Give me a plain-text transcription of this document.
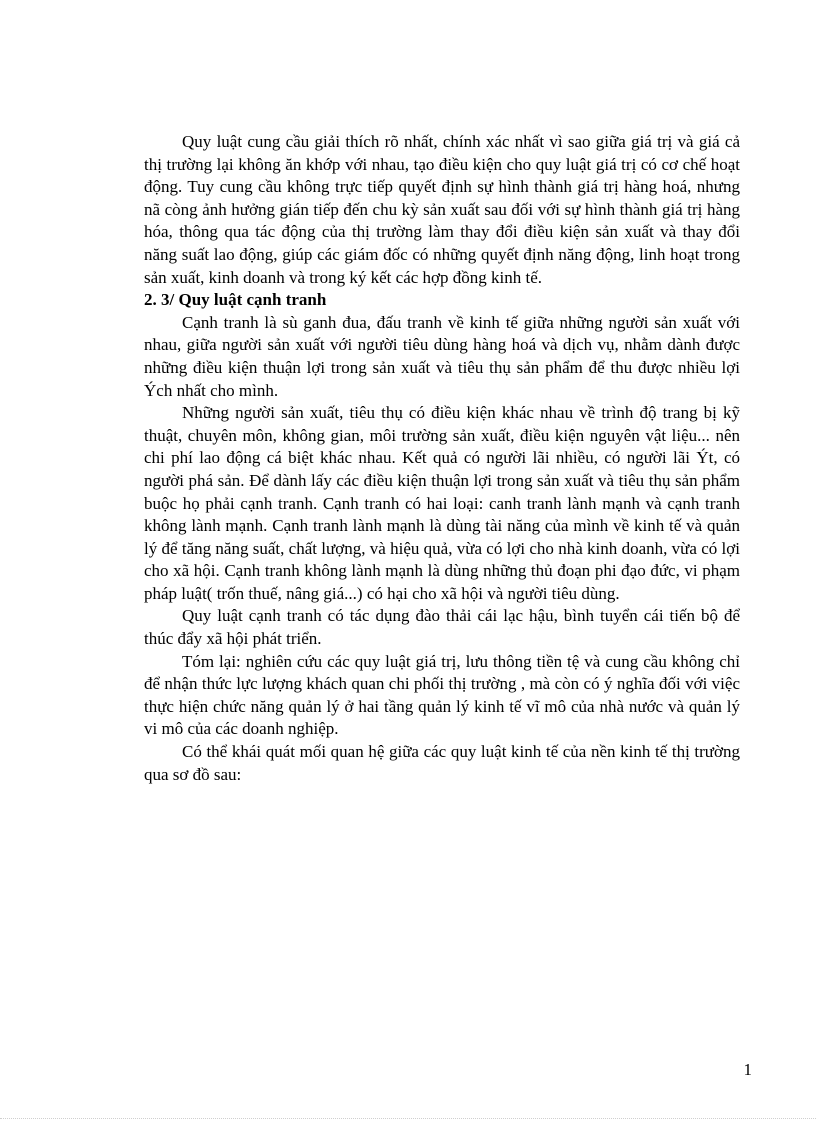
Quy luật cung cầu giải thích rõ nhất, chính xác nhất vì sao giữa giá trị và giá cả thị trường lại không ăn khớp với nhau, tạo điều kiện cho quy luật giá trị có cơ chế hoạt động. Tuy cung cầu không trực tiếp quyết định sự hình thành giá trị hàng hoá, nhưng nã còng ảnh hưởng gián tiếp đến chu kỳ sản xuất sau đối với sự hình thành giá trị hàng hóa, thông qua tác động của thị trường làm thay đổi điều kiện sản xuất và thay đổi năng suất lao động, giúp các giám đốc có những quyết định năng động, linh hoạt trong sản xuất, kinh doanh và trong ký kết các hợp đồng kinh tế.

2. 3/ Quy luật cạnh tranh

Cạnh tranh là sù ganh đua, đấu tranh về kinh tế giữa những người sản xuất với nhau, giữa người sản xuất với người tiêu dùng hàng hoá và dịch vụ, nhằm dành được những điều kiện thuận lợi trong sản xuất và tiêu thụ sản phẩm để thu được nhiều lợi Ých nhất cho mình.

Những người sản xuất, tiêu thụ có điều kiện khác nhau về trình độ trang bị kỹ thuật, chuyên môn, không gian, môi trường sản xuất, điều kiện nguyên vật liệu... nên chi phí lao động cá biệt khác nhau. Kết quả có người lãi nhiều, có người lãi Ýt, có người phá sản. Để dành lấy các điều kiện thuận lợi trong sản xuất và tiêu thụ sản phẩm buộc họ phải cạnh tranh. Cạnh tranh có hai loại: canh tranh lành mạnh và cạnh tranh không lành mạnh. Cạnh tranh lành mạnh là dùng tài năng của mình về kinh tế và quản lý để tăng năng suất, chất lượng, và hiệu quả, vừa có lợi cho nhà kinh doanh, vừa có lợi cho xã hội. Cạnh tranh không lành mạnh là dùng những thủ đoạn phi đạo đức, vi phạm pháp luật( trốn thuế, nâng giá...) có hại cho xã hội và người tiêu dùng.

Quy luật cạnh tranh có tác dụng đào thải cái lạc hậu, bình tuyển cái tiến bộ để thúc đẩy xã hội phát triển.

Tóm lại: nghiên cứu các quy luật giá trị, lưu thông tiền tệ và cung cầu không chỉ để nhận thức lực lượng khách quan chi phối thị trường , mà còn có ý nghĩa đối với việc thực hiện chức năng quản lý ở hai tầng quản lý kinh tế vĩ mô của nhà nước và quản lý vi mô của các doanh nghiệp.

Có thể khái quát mối quan hệ giữa các quy luật kinh tế của nền kinh tế thị trường qua sơ đồ sau:

1
